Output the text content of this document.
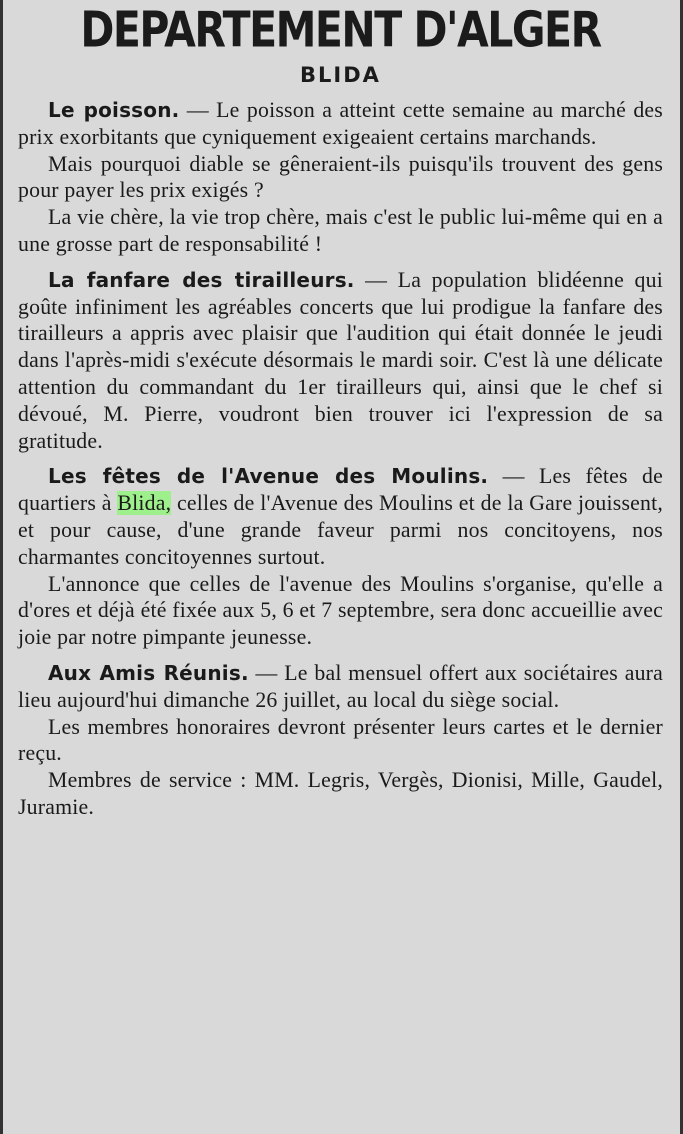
DEPARTEMENT D'ALGER
BLIDA

Le poisson. — Le poisson a atteint cette semaine au marché des prix exorbitants que cyniquement exigeaient certains marchands.

Mais pourquoi diable se gêneraient-ils puisqu'ils trouvent des gens pour payer les prix exigés ?

La vie chère, la vie trop chère, mais c'est le public lui-même qui en a une grosse part de responsabilité !

La fanfare des tirailleurs. — La population blidéenne qui goûte infiniment les agréables concerts que lui prodigue la fanfare des tirailleurs a appris avec plaisir que l'audition qui était donnée le jeudi dans l'après-midi s'exécute désormais le mardi soir. C'est là une délicate attention du commandant du 1er tirailleurs qui, ainsi que le chef si dévoué, M. Pierre, voudront bien trouver ici l'expression de sa gratitude.

Les fêtes de l'Avenue des Moulins. — Les fêtes de quartiers à Blida, celles de l'Avenue des Moulins et de la Gare jouissent, et pour cause, d'une grande faveur parmi nos concitoyens, nos charmantes concitoyennes surtout.

L'annonce que celles de l'avenue des Moulins s'organise, qu'elle a d'ores et déjà été fixée aux 5, 6 et 7 septembre, sera donc accueillie avec joie par notre pimpante jeunesse.

Aux Amis Réunis. — Le bal mensuel offert aux sociétaires aura lieu aujourd'hui dimanche 26 juillet, au local du siège social.

Les membres honoraires devront présenter leurs cartes et le dernier reçu.

Membres de service : MM. Legris, Vergès, Dionisi, Mille, Gaudel, Juramie.
